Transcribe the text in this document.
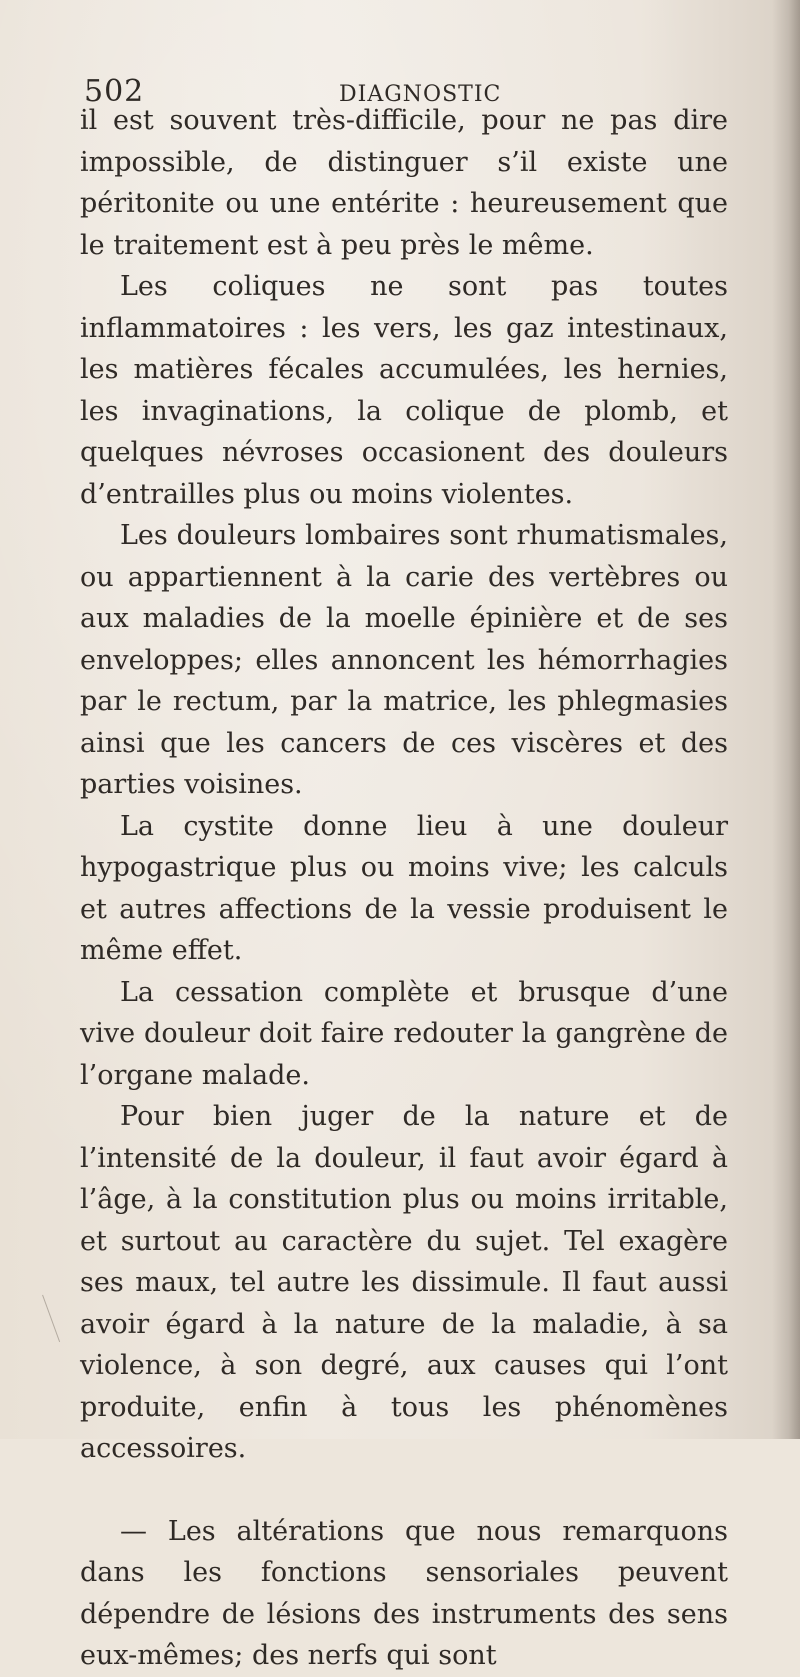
502	DIAGNOSTIC

il est souvent très-difficile, pour ne pas dire impossible, de distinguer s’il existe une péritonite ou une entérite : heureusement que le traitement est à peu près le même.

Les coliques ne sont pas toutes inflammatoires : les vers, les gaz intestinaux, les matières fécales accumulées, les hernies, les invaginations, la colique de plomb, et quelques névroses occasionent des douleurs d’entrailles plus ou moins violentes.

Les douleurs lombaires sont rhumatismales, ou appartiennent à la carie des vertèbres ou aux maladies de la moelle épinière et de ses enveloppes; elles annoncent les hémorrhagies par le rectum, par la matrice, les phlegmasies ainsi que les cancers de ces viscères et des parties voisines.

La cystite donne lieu à une douleur hypogastrique plus ou moins vive; les calculs et autres affections de la vessie produisent le même effet.

La cessation complète et brusque d’une vive douleur doit faire redouter la gangrène de l’organe malade.

Pour bien juger de la nature et de l’intensité de la douleur, il faut avoir égard à l’âge, à la constitution plus ou moins irritable, et surtout au caractère du sujet. Tel exagère ses maux, tel autre les dissimule. Il faut aussi avoir égard à la nature de la maladie, à sa violence, à son degré, aux causes qui l’ont produite, enfin à tous les phénomènes accessoires.

— Les altérations que nous remarquons dans les fonctions sensoriales peuvent dépendre de lésions des instruments des sens eux-mêmes; des nerfs qui sont
